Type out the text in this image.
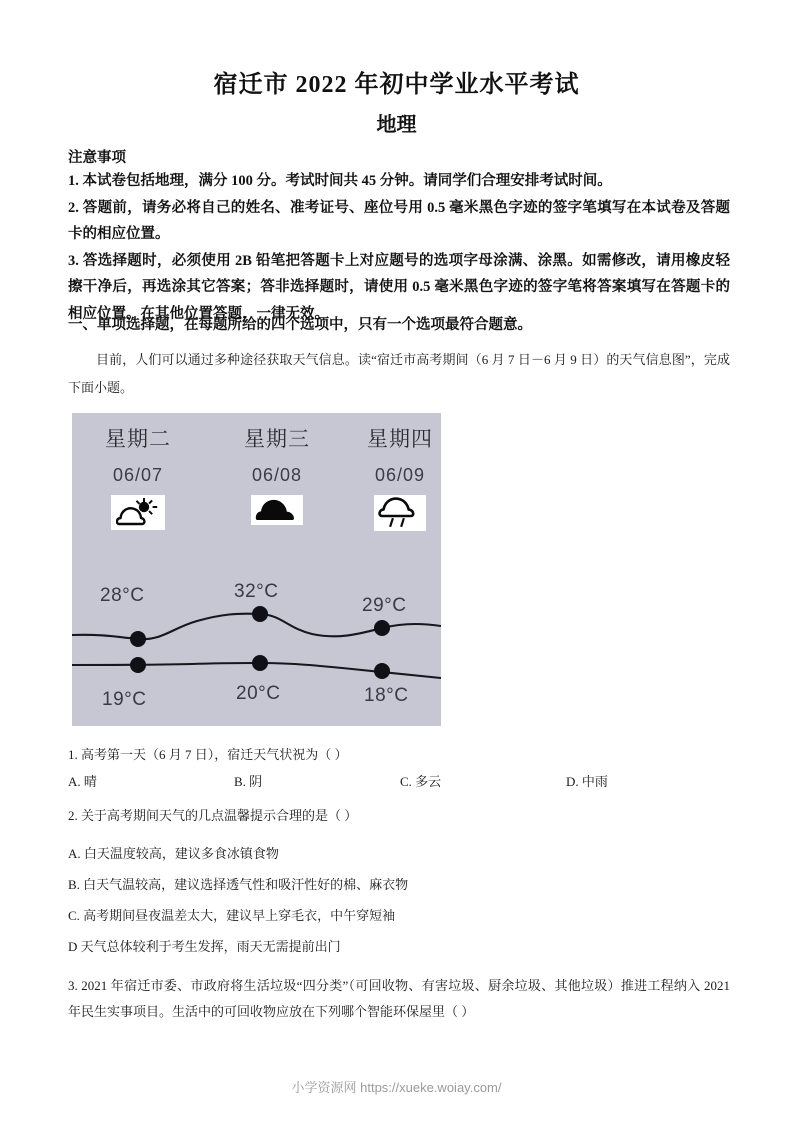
宿迁市 2022 年初中学业水平考试
地理
注意事项

1. 本试卷包括地理，满分 100 分。考试时间共 45 分钟。请同学们合理安排考试时间。

2. 答题前，请务必将自己的姓名、准考证号、座位号用 0.5 毫米黑色字迹的签字笔填写在本试卷及答题卡的相应位置。

3. 答选择题时，必须使用 2B 铅笔把答题卡上对应题号的选项字母涂满、涂黑。如需修改，请用橡皮轻擦干净后，再选涂其它答案；答非选择题时，请使用 0.5 毫米黑色字迹的签字笔将答案填写在答题卡的相应位置。在其他位置答题，一律无效。

一、单项选择题，在每题所给的四个选项中，只有一个选项最符合题意。
目前，人们可以通过多种途径获取天气信息。读“宿迁市高考期间（6 月 7 日－6 月 9 日）的天气信息图”，完成下面小题。
星期二
06/07
星期三
06/08
星期四
06/09
28°C	32°C
29°C
19°C	20°C	18°C
1. 高考第一天（6 月 7 日），宿迁天气状祝为（ ）
A. 晴	B. 阴	C. 多云	D. 中雨
2. 关于高考期间天气的几点温馨提示合理的是（ ）
A. 白天温度较高，建议多食冰镇食物
B. 白天气温较高，建议选择透气性和吸汗性好的棉、麻衣物
C. 高考期间昼夜温差太大，建议早上穿毛衣，中午穿短袖
D 天气总体较利于考生发挥，雨天无需提前出门
3. 2021 年宿迁市委、市政府将生活垃圾“四分类”（可回收物、有害垃圾、厨余垃圾、其他垃圾）推进工程纳入 2021 年民生实事项目。生活中的可回收物应放在下列哪个智能环保屋里（ ）
小学资源网 https://xueke.woiay.com/
